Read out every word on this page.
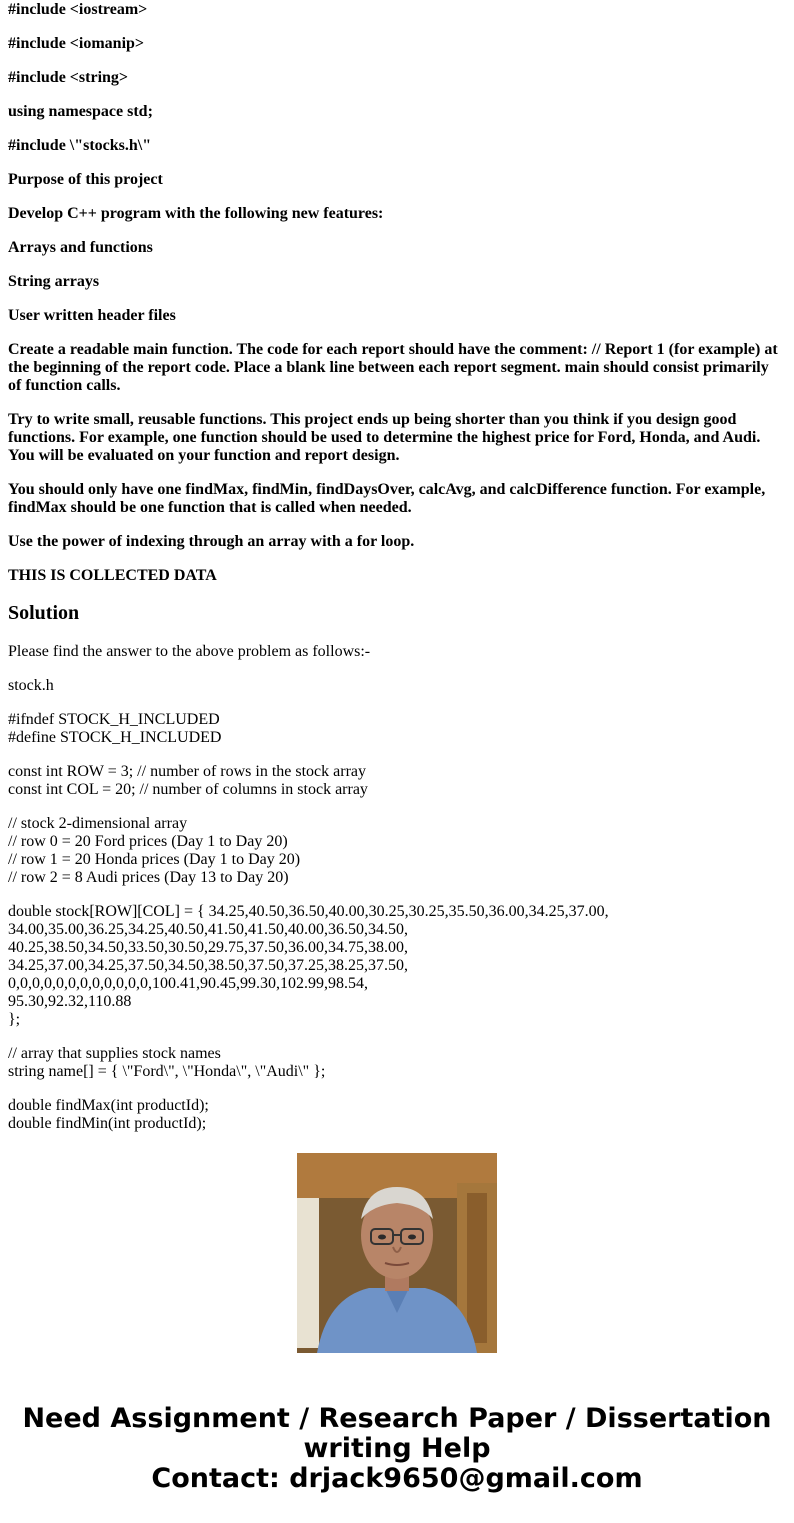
#include <iostream>

#include <iomanip>

#include <string>

using namespace std;

#include \"stocks.h\"

Purpose of this project

Develop C++ program with the following new features:

Arrays and functions

String arrays

User written header files

Create a readable main function. The code for each report should have the comment: // Report 1 (for example) at the beginning of the report code. Place a blank line between each report segment. main should consist primarily of function calls.

Try to write small, reusable functions. This project ends up being shorter than you think if you design good functions. For example, one function should be used to determine the highest price for Ford, Honda, and Audi. You will be evaluated on your function and report design.

You should only have one findMax, findMin, findDaysOver, calcAvg, and calcDifference function. For example, findMax should be one function that is called when needed.

Use the power of indexing through an array with a for loop.

THIS IS COLLECTED DATA

Solution

Please find the answer to the above problem as follows:-

stock.h

#ifndef STOCK_H_INCLUDED
#define STOCK_H_INCLUDED

const int ROW = 3; // number of rows in the stock array
const int COL = 20; // number of columns in stock array

// stock 2-dimensional array
// row 0 = 20 Ford prices (Day 1 to Day 20)
// row 1 = 20 Honda prices (Day 1 to Day 20)
// row 2 = 8 Audi prices (Day 13 to Day 20)

double stock[ROW][COL] = { 34.25,40.50,36.50,40.00,30.25,30.25,35.50,36.00,34.25,37.00,
34.00,35.00,36.25,34.25,40.50,41.50,41.50,40.00,36.50,34.50,
40.25,38.50,34.50,33.50,30.50,29.75,37.50,36.00,34.75,38.00,
34.25,37.00,34.25,37.50,34.50,38.50,37.50,37.25,38.25,37.50,
0,0,0,0,0,0,0,0,0,0,0,0,100.41,90.45,99.30,102.99,98.54,
95.30,92.32,110.88
};

// array that supplies stock names
string name[] = { \"Ford\", \"Honda\", \"Audi\" };

double findMax(int productId);
double findMin(int productId);

Need Assignment / Research Paper / Dissertation writing Help
Contact: drjack9650@gmail.com
